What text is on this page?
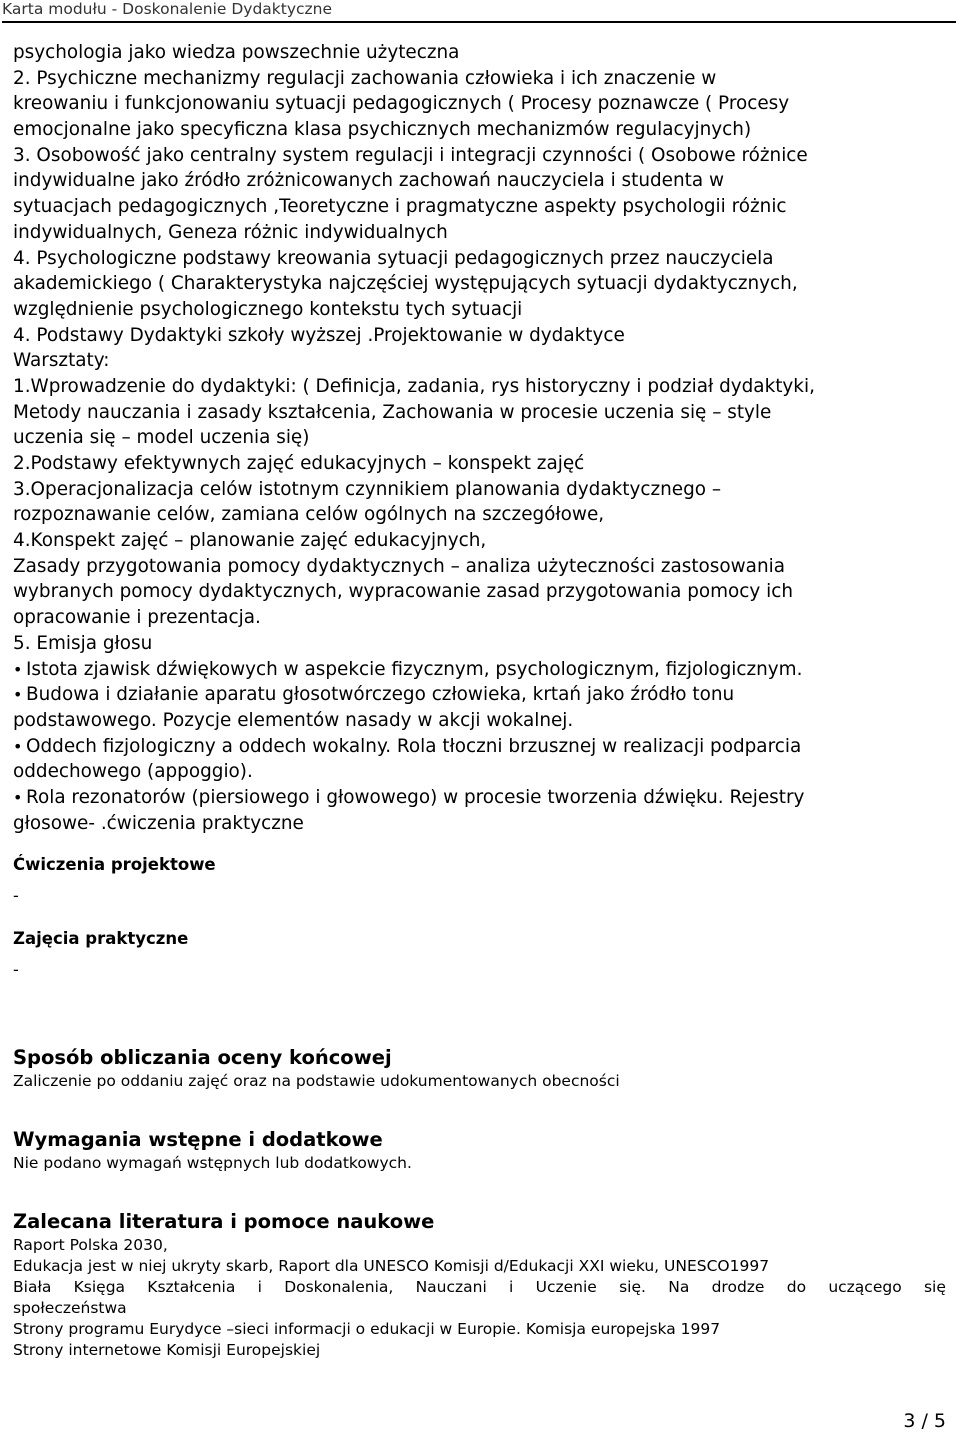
Karta modułu - Doskonalenie Dydaktyczne
psychologia jako wiedza powszechnie użyteczna
2. Psychiczne mechanizmy regulacji zachowania człowieka i ich znaczenie w
kreowaniu i funkcjonowaniu sytuacji pedagogicznych ( Procesy poznawcze ( Procesy
emocjonalne jako specyficzna klasa psychicznych mechanizmów regulacyjnych)
3. Osobowość jako centralny system regulacji i integracji czynności ( Osobowe różnice
indywidualne jako źródło zróżnicowanych zachowań nauczyciela i studenta w
sytuacjach pedagogicznych ,Teoretyczne i pragmatyczne aspekty psychologii różnic
indywidualnych, Geneza różnic indywidualnych
4. Psychologiczne podstawy kreowania sytuacji pedagogicznych przez nauczyciela
akademickiego ( Charakterystyka najczęściej występujących sytuacji dydaktycznych,
względnienie psychologicznego kontekstu tych sytuacji
4. Podstawy Dydaktyki szkoły wyższej .Projektowanie w dydaktyce
Warsztaty:
1.Wprowadzenie do dydaktyki: ( Definicja, zadania, rys historyczny i podział dydaktyki,
Metody nauczania i zasady kształcenia, Zachowania w procesie uczenia się – style
uczenia się – model uczenia się)
2.Podstawy efektywnych zajęć edukacyjnych – konspekt zajęć
3.Operacjonalizacja celów istotnym czynnikiem planowania dydaktycznego –
rozpoznawanie celów, zamiana celów ogólnych na szczegółowe,
4.Konspekt zajęć – planowanie zajęć edukacyjnych,
Zasady przygotowania pomocy dydaktycznych – analiza użyteczności zastosowania
wybranych pomocy dydaktycznych, wypracowanie zasad przygotowania pomocy ich
opracowanie i prezentacja.
5. Emisja głosu
• Istota zjawisk dźwiękowych w aspekcie fizycznym, psychologicznym, fizjologicznym.
• Budowa i działanie aparatu głosotwórczego człowieka, krtań jako źródło tonu
podstawowego. Pozycje elementów nasady w akcji wokalnej.
• Oddech fizjologiczny a oddech wokalny. Rola tłoczni brzusznej w realizacji podparcia
oddechowego (appoggio).
• Rola rezonatorów (piersiowego i głowowego) w procesie tworzenia dźwięku. Rejestry
głosowe- .ćwiczenia praktyczne
Ćwiczenia projektowe
-
Zajęcia praktyczne
-
Sposób obliczania oceny końcowej
Zaliczenie po oddaniu zajęć oraz na podstawie udokumentowanych obecności
Wymagania wstępne i dodatkowe
Nie podano wymagań wstępnych lub dodatkowych.
Zalecana literatura i pomoce naukowe
Raport Polska 2030,
Edukacja jest w niej ukryty skarb, Raport dla UNESCO Komisji d/Edukacji XXI wieku, UNESCO1997
Biała Księga Kształcenia i Doskonalenia, Nauczani i Uczenie się. Na drodze do uczącego się
społeczeństwa
Strony programu Eurydyce –sieci informacji o edukacji w Europie. Komisja europejska 1997
Strony internetowe Komisji Europejskiej
3 / 5
